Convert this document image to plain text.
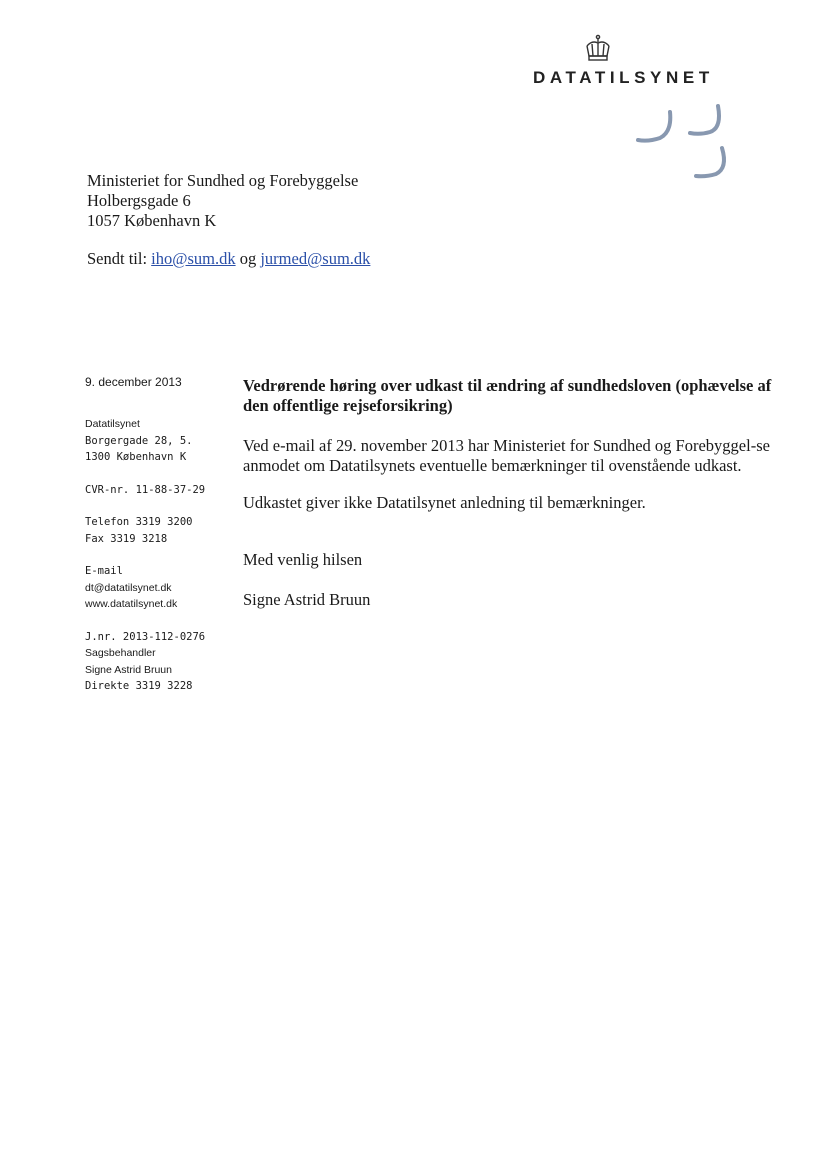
DATATILSYNET
Ministeriet for Sundhed og Forebyggelse
Holbergsgade 6
1057 København K
Sendt til: iho@sum.dk og jurmed@sum.dk
9. december 2013
Datatilsynet
Borgergade 28, 5.
1300 København K
CVR-nr. 11-88-37-29
Telefon 3319 3200
Fax 3319 3218
E-mail
dt@datatilsynet.dk
www.datatilsynet.dk
J.nr. 2013-112-0276
Sagsbehandler
Signe Astrid Bruun
Direkte 3319 3228
Vedrørende høring over udkast til ændring af sundhedsloven (ophævelse af den offentlige rejseforsikring)
Ved e-mail af 29. november 2013 har Ministeriet for Sundhed og Forebyggel-se anmodet om Datatilsynets eventuelle bemærkninger til ovenstående udkast.
Udkastet giver ikke Datatilsynet anledning til bemærkninger.
Med venlig hilsen
Signe Astrid Bruun
